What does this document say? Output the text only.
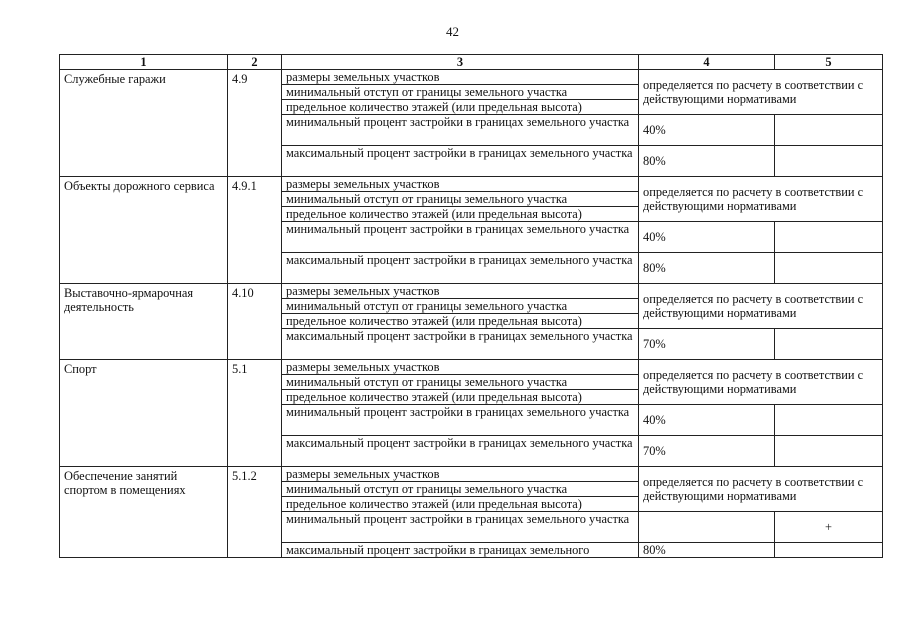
42
1	2	3	4	5
Служебные гаражи	4.9	размеры земельных участков	определяется по расчету в соответствии с действующими нормативами	
		минимальный отступ от границы земельного участка		
		предельное количество этажей (или предельная высота)		
		минимальный процент застройки в границах земельного участка	40%	
		максимальный процент застройки в границах земельного участка	80%	
Объекты дорожного сервиса	4.9.1	размеры земельных участков	определяется по расчету в соответствии с действующими нормативами	
		минимальный отступ от границы земельного участка		
		предельное количество этажей (или предельная высота)		
		минимальный процент застройки в границах земельного участка	40%	
		максимальный процент застройки в границах земельного участка	80%	
Выставочно-ярмарочная деятельность	4.10	размеры земельных участков	определяется по расчету в соответствии с действующими нормативами	
		минимальный отступ от границы земельного участка		
		предельное количество этажей (или предельная высота)		
		максимальный процент застройки в границах земельного участка	70%	
Спорт	5.1	размеры земельных участков	определяется по расчету в соответствии с действующими нормативами	
		минимальный отступ от границы земельного участка		
		предельное количество этажей (или предельная высота)		
		минимальный процент застройки в границах земельного участка	40%	
		максимальный процент застройки в границах земельного участка	70%	
Обеспечение занятий спортом в помещениях	5.1.2	размеры земельных участков	определяется по расчету в соответствии с действующими нормативами	
		минимальный отступ от границы земельного участка		
		предельное количество этажей (или предельная высота)		
		минимальный процент застройки в границах земельного участка		+
		максимальный процент застройки в границах земельного	80%	
